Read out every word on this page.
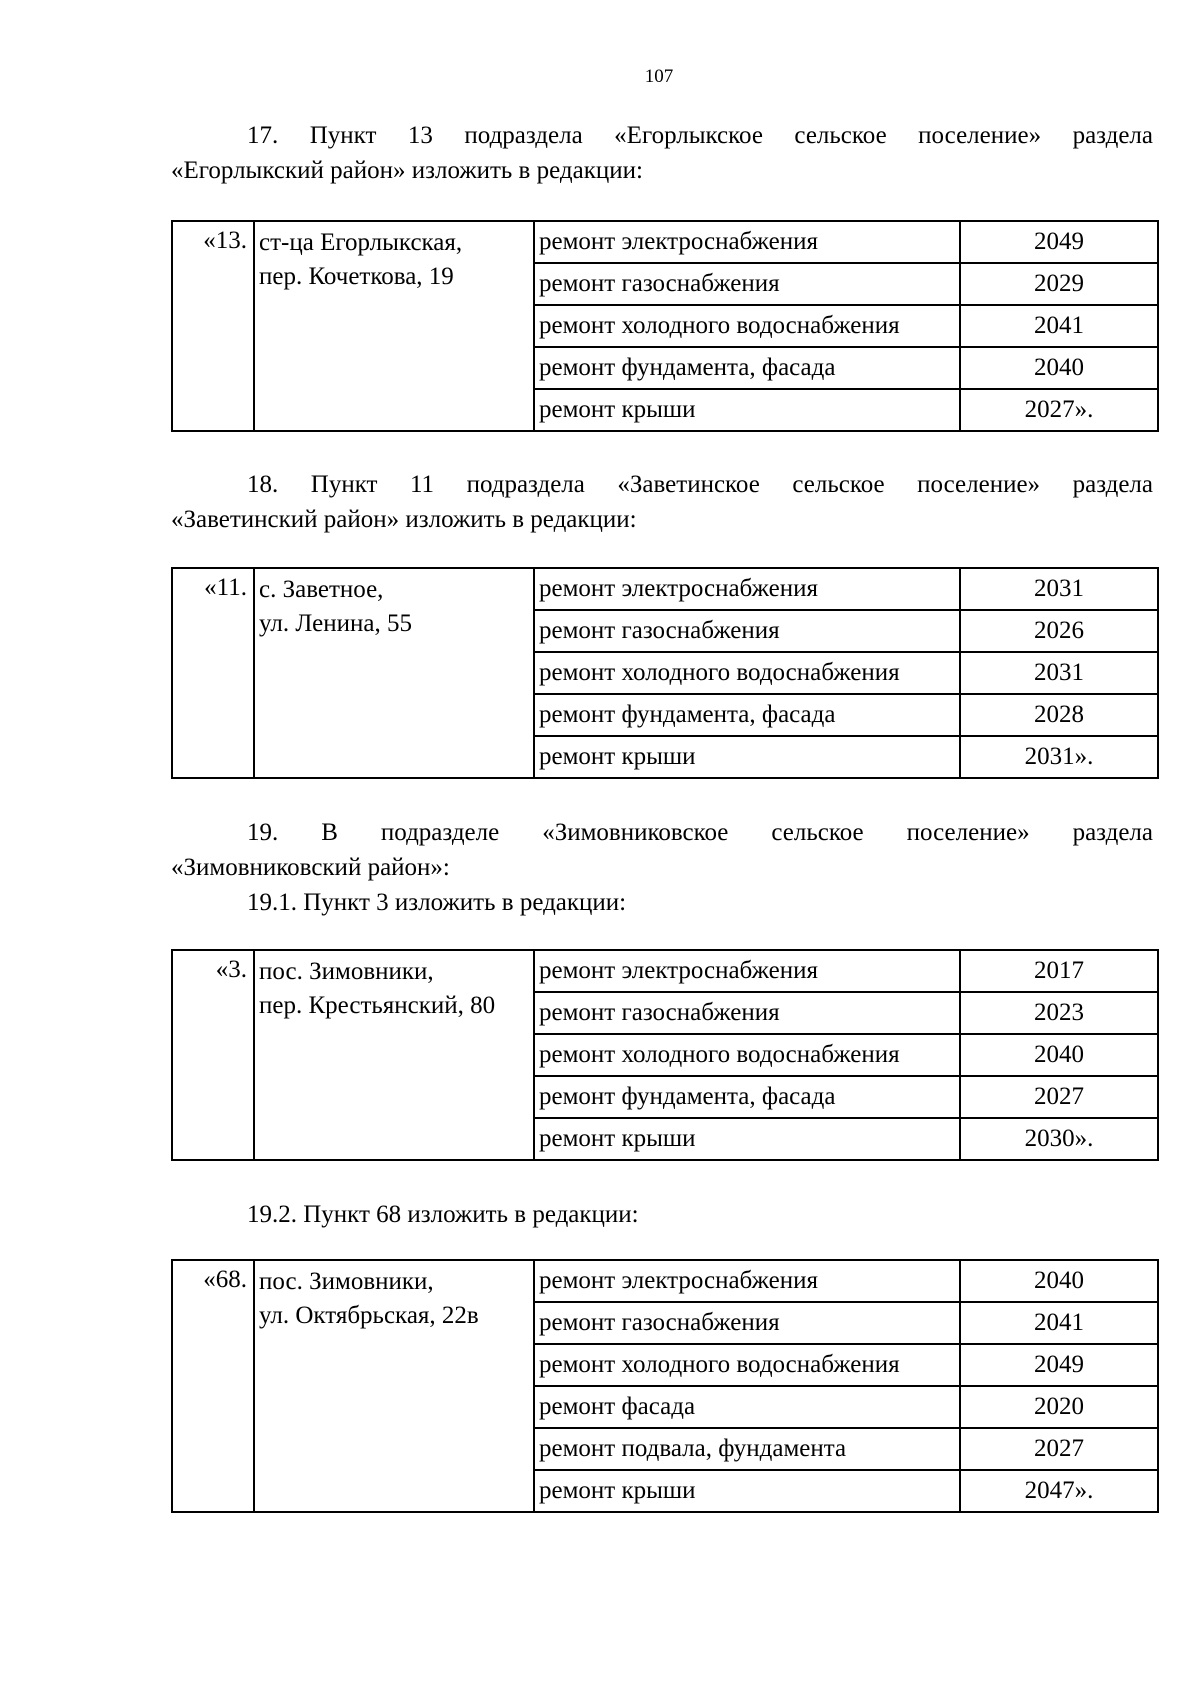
107
17. Пункт 13 подраздела «Егорлыкское сельское поселение» раздела
«Егорлыкский район» изложить в редакции:
«13.	ст-ца Егорлыкская,
пер. Кочеткова, 19	ремонт электроснабжения	2049
		ремонт газоснабжения	2029
		ремонт холодного водоснабжения	2041
		ремонт фундамента, фасада	2040
		ремонт крыши	2027».
18. Пункт 11 подраздела «Заветинское сельское поселение» раздела
«Заветинский район» изложить в редакции:
«11.	с. Заветное,
ул. Ленина, 55	ремонт электроснабжения	2031
		ремонт газоснабжения	2026
		ремонт холодного водоснабжения	2031
		ремонт фундамента, фасада	2028
		ремонт крыши	2031».
19. В подразделе «Зимовниковское сельское поселение» раздела
«Зимовниковский район»:
19.1. Пункт 3 изложить в редакции:
«3.	пос. Зимовники,
пер. Крестьянский, 80	ремонт электроснабжения	2017
		ремонт газоснабжения	2023
		ремонт холодного водоснабжения	2040
		ремонт фундамента, фасада	2027
		ремонт крыши	2030».
19.2. Пункт 68 изложить в редакции:
«68.	пос. Зимовники,
ул. Октябрьская, 22в	ремонт электроснабжения	2040
		ремонт газоснабжения	2041
		ремонт холодного водоснабжения	2049
		ремонт фасада	2020
		ремонт подвала, фундамента	2027
		ремонт крыши	2047».
